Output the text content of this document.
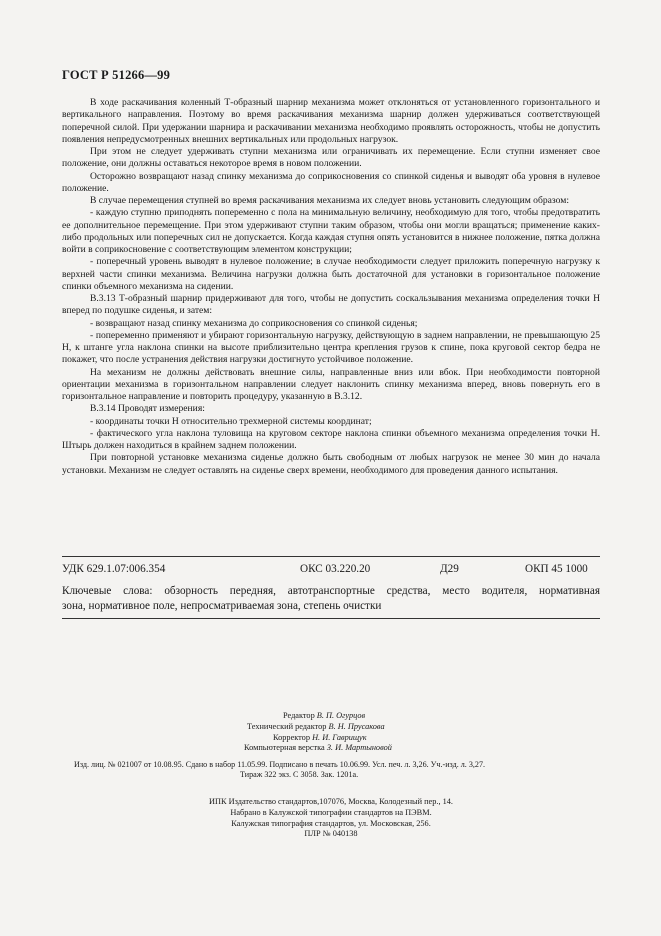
ГОСТ Р 51266—99

В ходе раскачивания коленный Т-образный шарнир механизма может отклоняться от установленного горизонтального и вертикального направления. Поэтому во время раскачивания механизма шарнир должен удерживаться соответствующей поперечной силой. При удержании шарнира и раскачивании механизма необходимо проявлять осторожность, чтобы не допустить появления непредусмотренных внешних вертикальных или продольных нагрузок.

При этом не следует удерживать ступни механизма или ограничивать их перемещение. Если ступни изменяет свое положение, они должны оставаться некоторое время в новом положении.

Осторожно возвращают назад спинку механизма до соприкосновения со спинкой сиденья и выводят оба уровня в нулевое положение.

В случае перемещения ступней во время раскачивания механизма их следует вновь установить следующим образом:

- каждую ступню приподнять попеременно с пола на минимальную величину, необходимую для того, чтобы предотвратить ее дополнительное перемещение. При этом удерживают ступни таким образом, чтобы они могли вращаться; применение каких-либо продольных или поперечных сил не допускается. Когда каждая ступня опять установится в нижнее положение, пятка должна войти в соприкосновение с соответствующим элементом конструкции;

- поперечный уровень выводят в нулевое положение; в случае необходимости следует приложить поперечную нагрузку к верхней части спинки механизма. Величина нагрузки должна быть достаточной для установки в горизонтальное положение спинки объемного механизма на сидении.

В.3.13 Т-образный шарнир придерживают для того, чтобы не допустить соскальзывания механизма определения точки H вперед по подушке сиденья, и затем:

- возвращают назад спинку механизма до соприкосновения со спинкой сиденья;

- попеременно применяют и убирают горизонтальную нагрузку, действующую в заднем направлении, не превышающую 25 Н, к штанге угла наклона спинки на высоте приблизительно центра крепления грузов к спине, пока круговой сектор бедра не покажет, что после устранения действия нагрузки достигнуто устойчивое положение.

На механизм не должны действовать внешние силы, направленные вниз или вбок. При необходимости повторной ориентации механизма в горизонтальном направлении следует наклонить спинку механизма вперед, вновь повернуть его в горизонтальное направление и повторить процедуру, указанную в В.3.12.

В.3.14 Проводят измерения:

- координаты точки H относительно трехмерной системы координат;

- фактического угла наклона туловища на круговом секторе наклона спинки объемного механизма определения точки H. Штырь должен находиться в крайнем заднем положении.

При повторной установке механизма сиденье должно быть свободным от любых нагрузок не менее 30 мин до начала установки. Механизм не следует оставлять на сиденье сверх времени, необходимого для проведения данного испытания.

УДК 629.1.07:006.354	ОКС 03.220.20	Д29	ОКП 45 1000
Ключевые слова: обзорность передняя, автотранспортные средства, место водителя, нормативная
зона, нормативное поле, непросматриваемая зона, степень очистки
Редактор В. П. Огурцов
Технический редактор В. Н. Прусакова
Корректор Н. И. Гаврищук
Компьютерная верстка З. И. Мартыновой
Изд. лиц. № 021007 от 10.08.95. Сдано в набор 11.05.99. Подписано в печать 10.06.99. Усл. печ. л. 3,26. Уч.-изд. л. 3,27.
Тираж 322 экз. С 3058. Зак. 1201а.
ИПК Издательство стандартов,107076, Москва, Колодезный пер., 14.
Набрано в Калужской типографии стандартов на ПЭВМ.
Калужская типография стандартов, ул. Московская, 256.
ПЛР № 040138
